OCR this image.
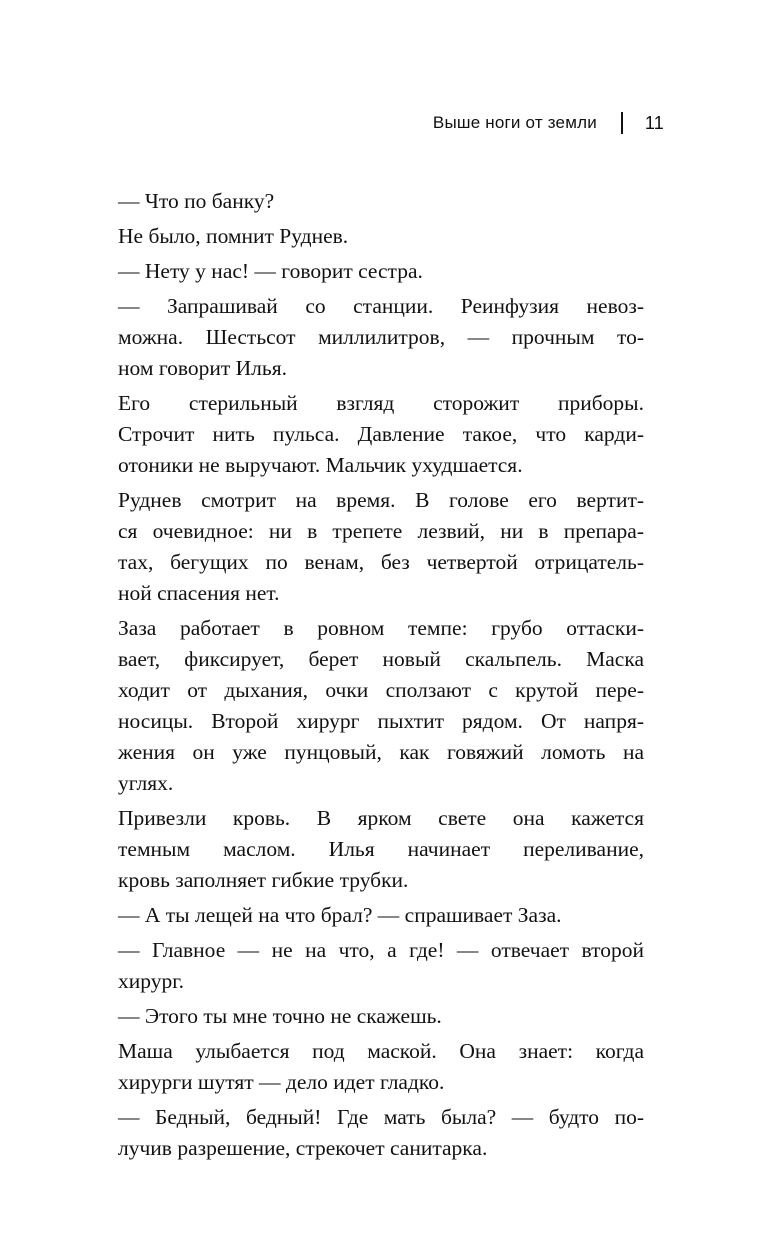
Выше ноги от земли	11
— Что по банку?
Не было, помнит Руднев.
— Нету у нас! — говорит сестра.
— Запрашивай со станции. Реинфузия невоз-
можна. Шестьсот миллилитров, — прочным то-
ном говорит Илья.
Его стерильный взгляд сторожит приборы.
Строчит нить пульса. Давление такое, что карди-
отоники не выручают. Мальчик ухудшается.
Руднев смотрит на время. В голове его вертит-
ся очевидное: ни в трепете лезвий, ни в препара-
тах, бегущих по венам, без четвертой отрицатель-
ной спасения нет.
Заза работает в ровном темпе: грубо оттаски-
вает, фиксирует, берет новый скальпель. Маска
ходит от дыхания, очки сползают с крутой пере-
носицы. Второй хирург пыхтит рядом. От напря-
жения он уже пунцовый, как говяжий ломоть на
углях.
Привезли кровь. В ярком свете она кажется
темным маслом. Илья начинает переливание,
кровь заполняет гибкие трубки.
— А ты лещей на что брал? — спрашивает Заза.
— Главное — не на что, а где! — отвечает второй
хирург.
— Этого ты мне точно не скажешь.
Маша улыбается под маской. Она знает: когда
хирурги шутят — дело идет гладко.
— Бедный, бедный! Где мать была? — будто по-
лучив разрешение, стрекочет санитарка.
